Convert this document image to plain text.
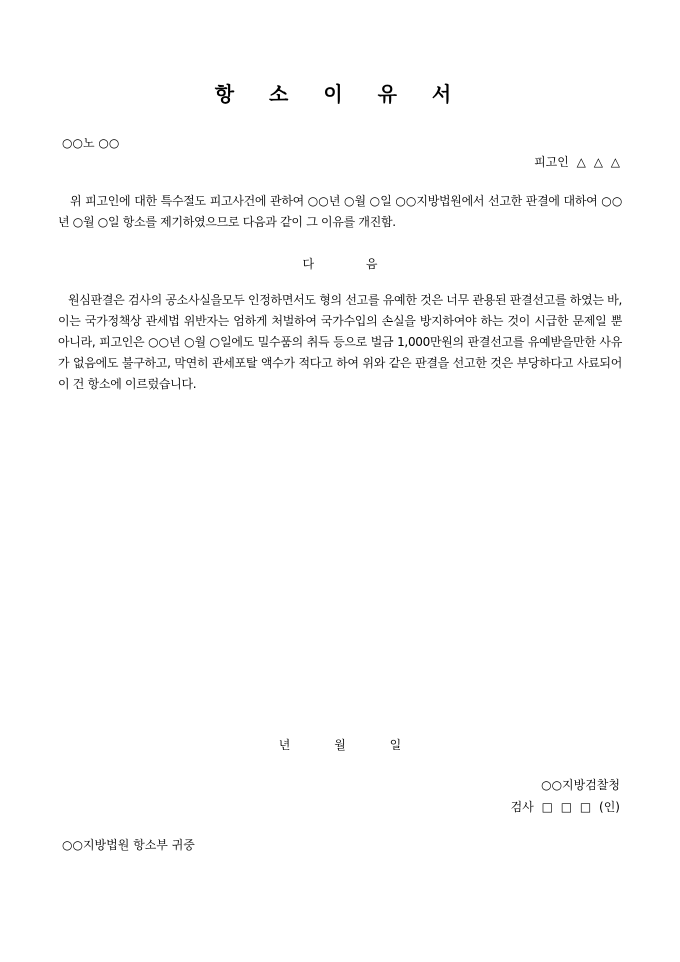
항 소 이 유 서
○○노 ○○
피고인 △ △ △
위 피고인에 대한 특수절도 피고사건에 관하여 ○○년 ○월 ○일 ○○지방법원에서 선고한 판결에 대하여 ○○년 ○월 ○일 항소를 제기하였으므로 다음과 같이 그 이유를 개진함.
다 음
원심판결은 검사의 공소사실을모두 인정하면서도 형의 선고를 유예한 것은 너무 관용된 판결선고를 하였는 바, 이는 국가정책상 관세법 위반자는 엄하게 처벌하여 국가수입의 손실을 방지하여야 하는 것이 시급한 문제일 뿐 아니라, 피고인은 ○○년 ○월 ○일에도 밀수품의 취득 등으로 벌금 1,000만원의 판결선고를 유예받을만한 사유가 없음에도 불구하고, 막연히 관세포탈 액수가 적다고 하여 위와 같은 판결을 선고한 것은 부당하다고 사료되어 이 건 항소에 이르렀습니다.
년 월 일
○○지방검찰청
검사 □ □ □ (인)
○○지방법원 항소부 귀중
